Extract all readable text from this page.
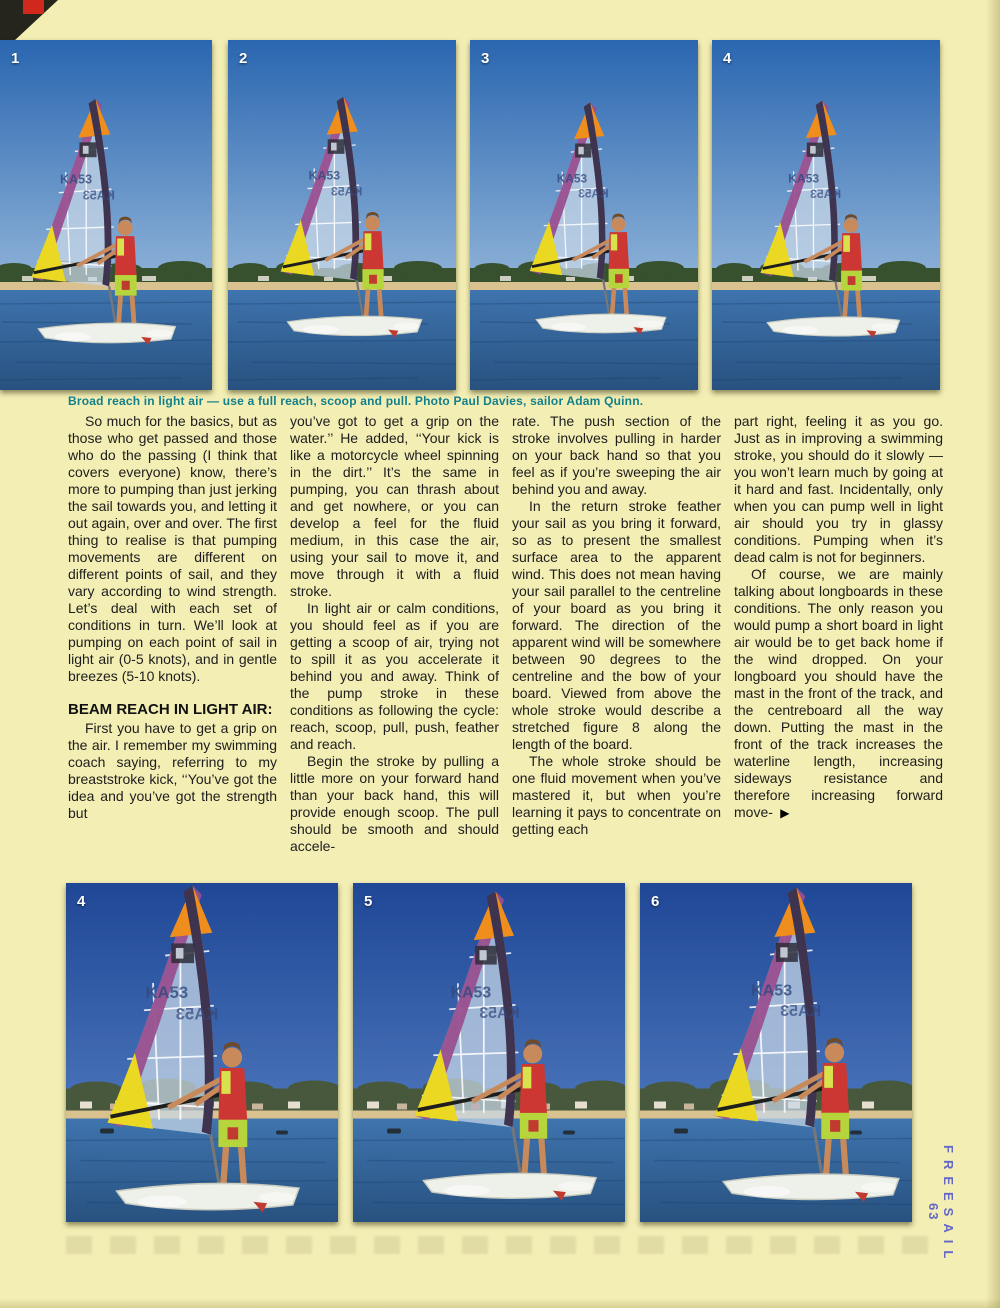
1	2	3	4
Broad reach in light air — use a full reach, scoop and pull. Photo Paul Davies, sailor Adam Quinn.

So much for the basics, but as those who get passed and those who do the passing (I think that covers everyone) know, there’s more to pumping than just jerking the sail towards you, and letting it out again, over and over. The first thing to realise is that pumping movements are different on different points of sail, and they vary according to wind strength. Let’s deal with each set of conditions in turn. We’ll look at pumping on each point of sail in light air (0-5 knots), and in gentle breezes (5-10 knots).

BEAM REACH IN LIGHT AIR:

First you have to get a grip on the air. I remember my swimming coach saying, referring to my breaststroke kick, ‘‘You’ve got the idea and you’ve got the strength but

you’ve got to get a grip on the water.’’ He added, ‘‘Your kick is like a motorcycle wheel spinning in the dirt.’’ It’s the same in pumping, you can thrash about and get nowhere, or you can develop a feel for the fluid medium, in this case the air, using your sail to move it, and move through it with a fluid stroke.

In light air or calm conditions, you should feel as if you are getting a scoop of air, trying not to spill it as you accelerate it behind you and away. Think of the pump stroke in these conditions as following the cycle: reach, scoop, pull, push, feather and reach.

Begin the stroke by pulling a little more on your forward hand than your back hand, this will provide enough scoop. The pull should be smooth and should accele-

rate. The push section of the stroke involves pulling in harder on your back hand so that you feel as if you’re sweeping the air behind you and away.

In the return stroke feather your sail as you bring it forward, so as to present the smallest surface area to the apparent wind. This does not mean having your sail parallel to the centreline of your board as you bring it forward. The direction of the apparent wind will be somewhere between 90 degrees to the centreline and the bow of your board. Viewed from above the whole stroke would describe a stretched figure 8 along the length of the board.

The whole stroke should be one fluid movement when you’ve mastered it, but when you’re learning it pays to concentrate on getting each

part right, feeling it as you go. Just as in improving a swimming stroke, you should do it slowly — you won’t learn much by going at it hard and fast. Incidentally, only when you can pump well in light air should you try in glassy conditions. Pumping when it’s dead calm is not for beginners.

Of course, we are mainly talking about longboards in these conditions. The only reason you would pump a short board in light air would be to get back home if the wind dropped. On your longboard you should have the mast in the front of the track, and the centreboard all the way down. Putting the mast in the front of the track increases the waterline length, increasing sideways resistance and therefore increasing forward move- ▶

4	5	6
FREESAIL
63
